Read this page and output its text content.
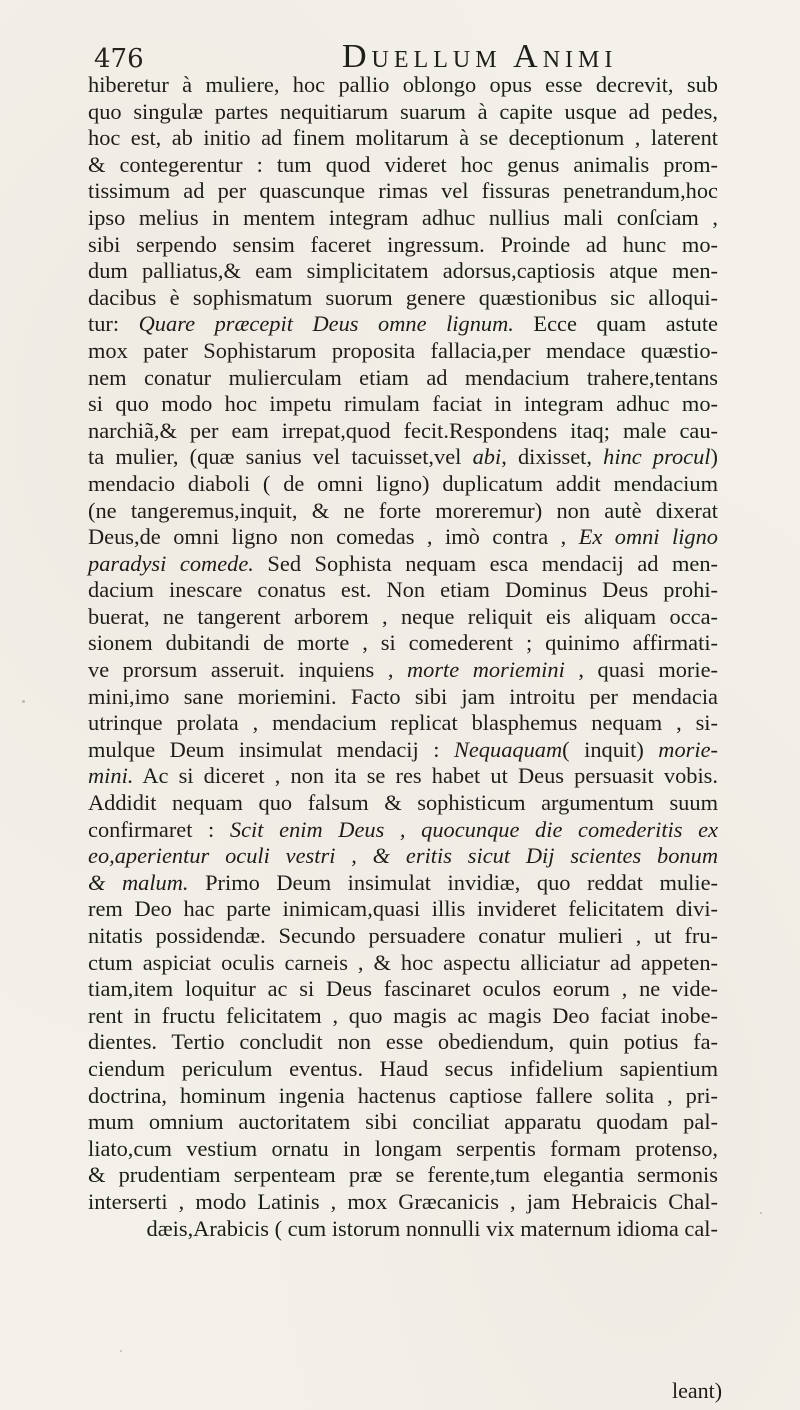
476	Duellum Animi
hiberetur à muliere, hoc pallio oblongo opus esse decrevit, sub
quo singulæ partes nequitiarum suarum à capite usque ad pedes,
hoc est, ab initio ad finem molitarum à se deceptionum , laterent
& contegerentur : tum quod videret hoc genus animalis prom-
tissimum ad per quascunque rimas vel fissuras penetrandum,hoc
ipso melius in mentem integram adhuc nullius mali conſciam ,
sibi serpendo sensim faceret ingressum. Proinde ad hunc mo-
dum palliatus,& eam simplicitatem adorsus,captiosis atque men-
dacibus è sophismatum suorum genere quæstionibus sic alloqui-
tur: Quare præcepit Deus omne lignum. Ecce quam astute
mox pater Sophistarum proposita fallacia,per mendace quæstio-
nem conatur mulierculam etiam ad mendacium trahere,tentans
si quo modo hoc impetu rimulam faciat in integram adhuc mo-
narchiã,& per eam irrepat,quod fecit.Respondens itaq; male cau-
ta mulier, (quæ sanius vel tacuisset,vel abi, dixisset, hinc procul)
mendacio diaboli ( de omni ligno) duplicatum addit mendacium
(ne tangeremus,inquit, & ne forte moreremur) non autè dixerat
Deus,de omni ligno non comedas , imò contra , Ex omni ligno
paradysi comede. Sed Sophista nequam esca mendacij ad men-
dacium inescare conatus est. Non etiam Dominus Deus prohi-
buerat, ne tangerent arborem , neque reliquit eis aliquam occa-
sionem dubitandi de morte , si comederent ; quinimo affirmati-
ve prorsum asseruit. inquiens , morte moriemini , quasi morie-
mini,imo sane moriemini. Facto sibi jam introitu per mendacia
utrinque prolata , mendacium replicat blasphemus nequam , si-
mulque Deum insimulat mendacij : Nequaquam( inquit) morie-
mini. Ac si diceret , non ita se res habet ut Deus persuasit vobis.
Addidit nequam quo falsum & sophisticum argumentum suum
confirmaret : Scit enim Deus , quocunque die comederitis ex
eo,aperientur oculi vestri , & eritis sicut Dij scientes bonum
& malum. Primo Deum insimulat invidiæ, quo reddat mulie-
rem Deo hac parte inimicam,quasi illis invideret felicitatem divi-
nitatis possidendæ. Secundo persuadere conatur mulieri , ut fru-
ctum aspiciat oculis carneis , & hoc aspectu alliciatur ad appeten-
tiam,item loquitur ac si Deus fascinaret oculos eorum , ne vide-
rent in fructu felicitatem , quo magis ac magis Deo faciat inobe-
dientes. Tertio concludit non esse obediendum, quin potius fa-
ciendum periculum eventus. Haud secus infidelium sapientium
doctrina, hominum ingenia hactenus captiose fallere solita , pri-
mum omnium auctoritatem sibi conciliat apparatu quodam pal-
liato,cum vestium ornatu in longam serpentis formam protenso,
& prudentiam serpenteam præ se ferente,tum elegantia sermonis
interserti , modo Latinis , mox Græcanicis , jam Hebraicis Chal-
dæis,Arabicis ( cum istorum nonnulli vix maternum idioma cal-
leant)
